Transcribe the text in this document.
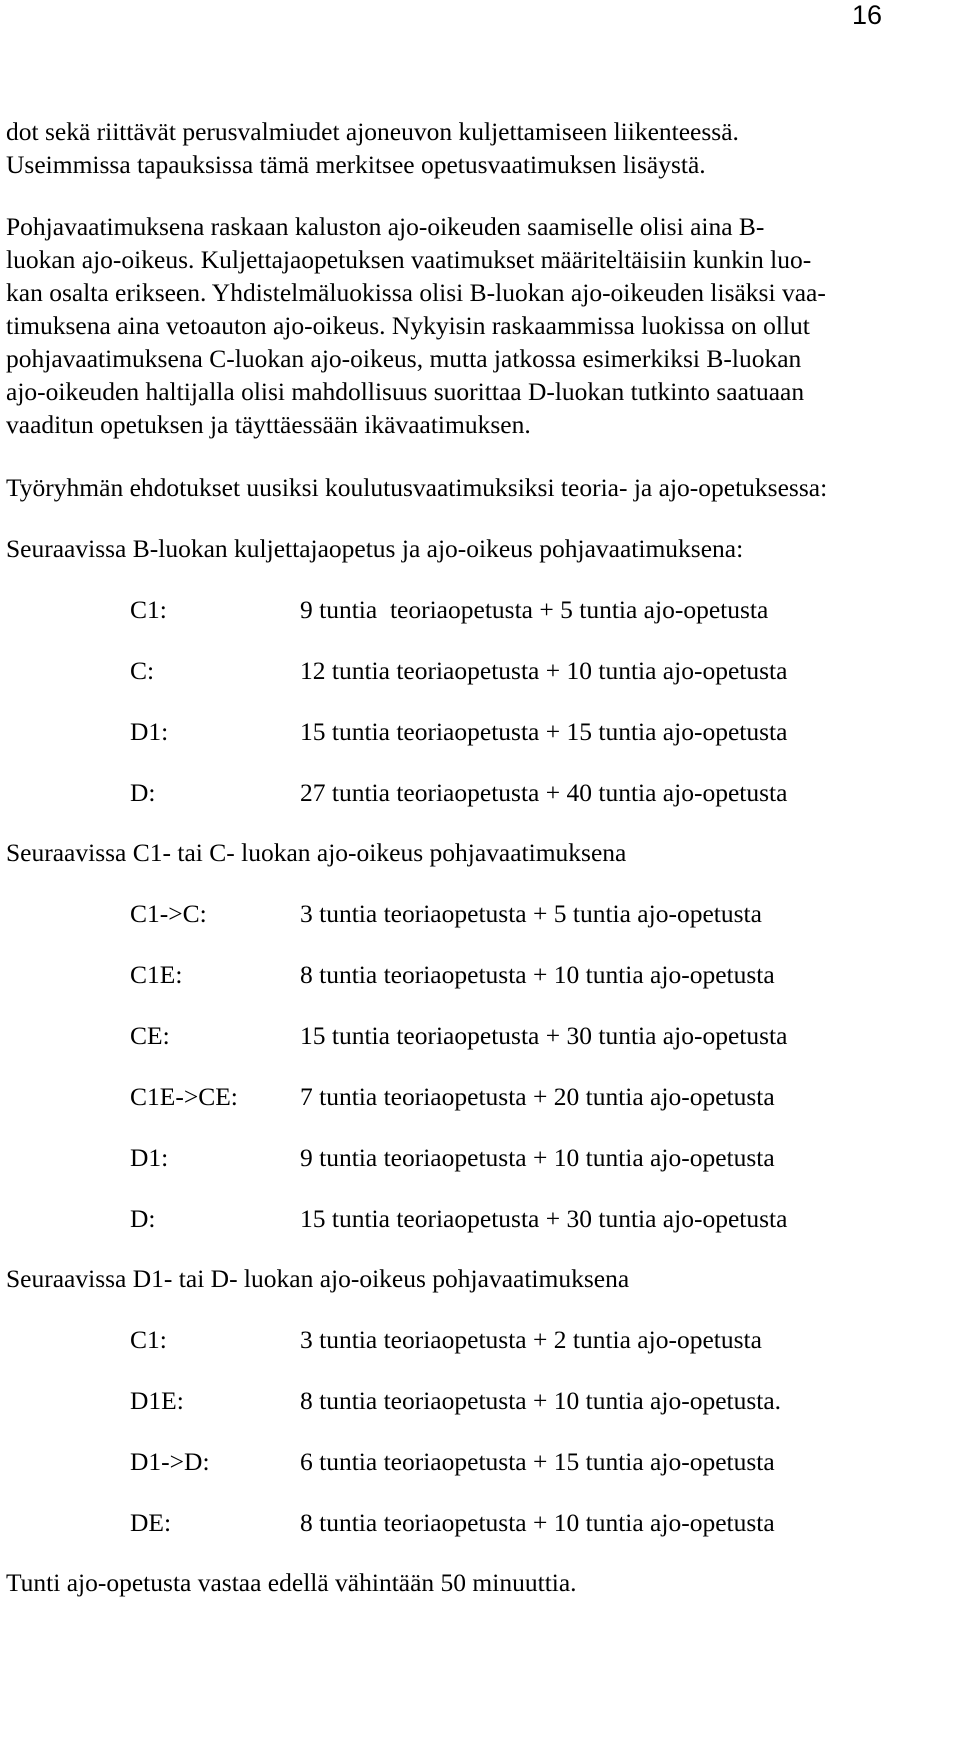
16

dot sekä riittävät perusvalmiudet ajoneuvon kuljettamiseen liikenteessä.
Useimmissa tapauksissa tämä merkitsee opetusvaatimuksen lisäystä.

Pohjavaatimuksena raskaan kaluston ajo-oikeuden saamiselle olisi aina B-
luokan ajo-oikeus. Kuljettajaopetuksen vaatimukset määriteltäisiin kunkin luo-
kan osalta erikseen. Yhdistelmäluokissa olisi B-luokan ajo-oikeuden lisäksi vaa-
timuksena aina vetoauton ajo-oikeus. Nykyisin raskaammissa luokissa on ollut
pohjavaatimuksena C-luokan ajo-oikeus, mutta jatkossa esimerkiksi B-luokan
ajo-oikeuden haltijalla olisi mahdollisuus suorittaa D-luokan tutkinto saatuaan
vaaditun opetuksen ja täyttäessään ikävaatimuksen.

Työryhmän ehdotukset uusiksi koulutusvaatimuksiksi teoria- ja ajo-opetuksessa:

Seuraavissa B-luokan kuljettajaopetus ja ajo-oikeus pohjavaatimuksena:

C1:	9 tuntia  teoriaopetusta + 5 tuntia ajo-opetusta
C:	12 tuntia teoriaopetusta + 10 tuntia ajo-opetusta
D1:	15 tuntia teoriaopetusta + 15 tuntia ajo-opetusta
D:	27 tuntia teoriaopetusta + 40 tuntia ajo-opetusta

Seuraavissa C1- tai C- luokan ajo-oikeus pohjavaatimuksena

C1->C:	3 tuntia teoriaopetusta + 5 tuntia ajo-opetusta
C1E:	8 tuntia teoriaopetusta + 10 tuntia ajo-opetusta
CE:	15 tuntia teoriaopetusta + 30 tuntia ajo-opetusta
C1E->CE:	7 tuntia teoriaopetusta + 20 tuntia ajo-opetusta
D1:	9 tuntia teoriaopetusta + 10 tuntia ajo-opetusta
D:	15 tuntia teoriaopetusta + 30 tuntia ajo-opetusta

Seuraavissa D1- tai D- luokan ajo-oikeus pohjavaatimuksena

C1:	3 tuntia teoriaopetusta + 2 tuntia ajo-opetusta
D1E:	8 tuntia teoriaopetusta + 10 tuntia ajo-opetusta.
D1->D:	6 tuntia teoriaopetusta + 15 tuntia ajo-opetusta
DE:	8 tuntia teoriaopetusta + 10 tuntia ajo-opetusta

Tunti ajo-opetusta vastaa edellä vähintään 50 minuuttia.
